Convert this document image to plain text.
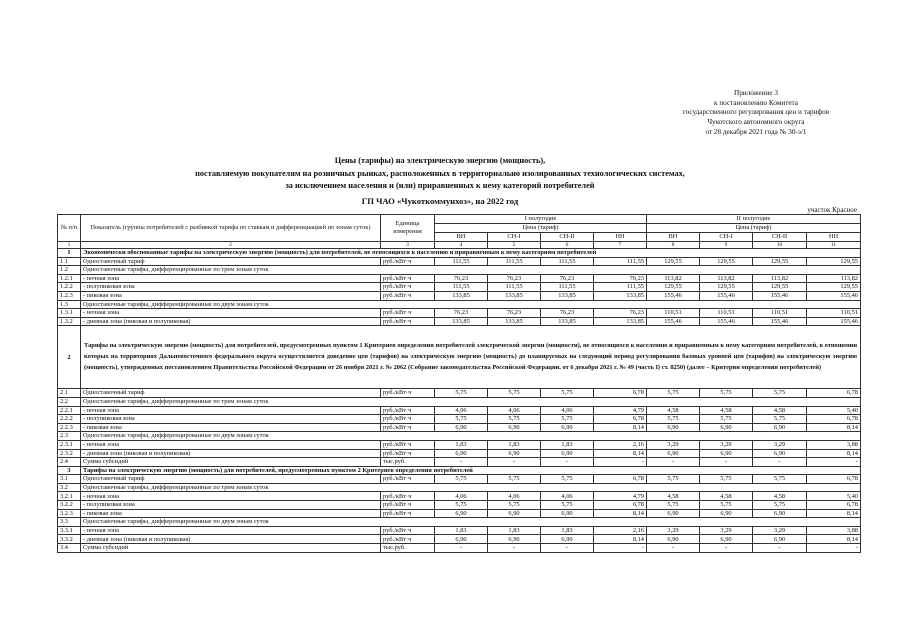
Приложение 3
к постановлению Комитета
государственного регулирования цен и тарифов
Чукотского автономного округа
от 28 декабря 2021 года № 30-э/1
Цены (тарифы) на электрическую энергию (мощность),
поставляемую покупателям на розничных рынках, расположенных в территориально изолированных технологических системах,
за исключением населения и (или) приравненных к нему категорий потребителей
ГП ЧАО «Чукоткоммунхоз», на 2022 год
участок Красное
№ п/п	Показатель (группы потребителей с разбивкой тарифа по ставкам и дифференциацией по зонам суток)	Единица измерения	I полугодие				II полугодие			
			Цена (тариф)				Цена (тариф)			
			ВН	СН-I	СН-II	НН	ВН	СН-I	СН-II	НН
1	2	3	4	5	6	7	8	9	10	11
1	Экономически обоснованные тарифы на электрическую энергию (мощность) для потребителей, не относящихся к населению и приравненным к нему категориям потребителей									
1.1	Одноставочный тариф	руб./кВт·ч	111,55	111,55	111,55	111,55	129,55	129,55	129,55	129,55
1.2	Одноставочные тарифы, дифференцированные по трем зонам суток									
1.2.1	- ночная зона	руб./кВт·ч	76,23	76,23	76,23	76,23	113,82	113,82	113,82	113,82
1.2.2	- полупиковая зона	руб./кВт·ч	111,55	111,55	111,55	111,55	129,55	129,55	129,55	129,55
1.2.3	- пиковая зона	руб./кВт·ч	133,85	133,85	133,85	133,85	155,46	155,46	155,46	155,46
1.3	Одноставочные тарифы, дифференцированные по двум зонам суток									
1.3.1	- ночная зона	руб./кВт·ч	76,23	76,23	76,23	76,23	110,51	110,51	110,51	110,51
1.3.2	- дневная зона (пиковая и полупиковая)	руб./кВт·ч	133,85	133,85	133,85	133,85	155,46	155,46	155,46	155,46
2	Тарифы на электрическую энергию (мощность) для потребителей, предусмотренных пунктом 1 Критериев определения потребителей электрической энергии (мощности), не относящихся к населению и приравненным к нему категориям потребителей, в отношении которых на территориях Дальневосточного федерального округа осуществляется доведение цен (тарифов) на электрическую энергию (мощность) до планируемых на следующий период регулирования базовых уровней цен (тарифов) на электрическую энергию (мощность), утвержденных постановлением Правительства Российской Федерации от 26 ноября 2021 г. № 2062 (Собрание законодательства Российской Федерации, от 6 декабря 2021 г. № 49 (часть I) ст. 8250) (далее – Критерии определения потребителей)									
2.1	Одноставочный тариф	руб./кВт·ч	5,75	5,75	5,75	6,78	5,75	5,75	5,75	6,78
2.2	Одноставочные тарифы, дифференцированные по трем зонам суток									
2.2.1	- ночная зона	руб./кВт·ч	4,06	4,06	4,06	4,79	4,58	4,58	4,58	5,40
2.2.2	- полупиковая зона	руб./кВт·ч	5,75	5,75	5,75	6,78	5,75	5,75	5,75	6,78
2.2.3	- пиковая зона	руб./кВт·ч	6,90	6,90	6,90	8,14	6,90	6,90	6,90	8,14
2.3	Одноставочные тарифы, дифференцированные по двум зонам суток									
2.3.1	- ночная зона	руб./кВт·ч	1,83	1,83	1,83	2,16	3,29	3,29	3,29	3,88
2.3.2	- дневная зона (пиковая и полупиковая)	руб./кВт·ч	6,90	6,90	6,90	8,14	6,90	6,90	6,90	8,14
2.4	Сумма субсидий	тыс.руб.	-	-	-	-	-	-	-	-
3	Тарифы на электрическую энергию (мощность) для потребителей, предусмотренных пунктом 2 Критериев определения потребителей									
3.1	Одноставочный тариф	руб./кВт·ч	5,75	5,75	5,75	6,78	5,75	5,75	5,75	6,78
3.2	Одноставочные тарифы, дифференцированные по трем зонам суток									
3.2.1	- ночная зона	руб./кВт·ч	4,06	4,06	4,06	4,79	4,58	4,58	4,58	5,40
3.2.2	- полупиковая зона	руб./кВт·ч	5,75	5,75	5,75	6,78	5,75	5,75	5,75	6,78
3.2.3	- пиковая зона	руб./кВт·ч	6,90	6,90	6,90	8,14	6,90	6,90	6,90	8,14
3.3	Одноставочные тарифы, дифференцированные по двум зонам суток									
3.3.1	- ночная зона	руб./кВт·ч	1,83	1,83	1,83	2,16	3,29	3,29	3,29	3,88
3.3.2	- дневная зона (пиковая и полупиковая)	руб./кВт·ч	6,90	6,90	6,90	8,14	6,90	6,90	6,90	8,14
3.4	Сумма субсидий	тыс.руб.	-	-	-	-	-	-	-	-
